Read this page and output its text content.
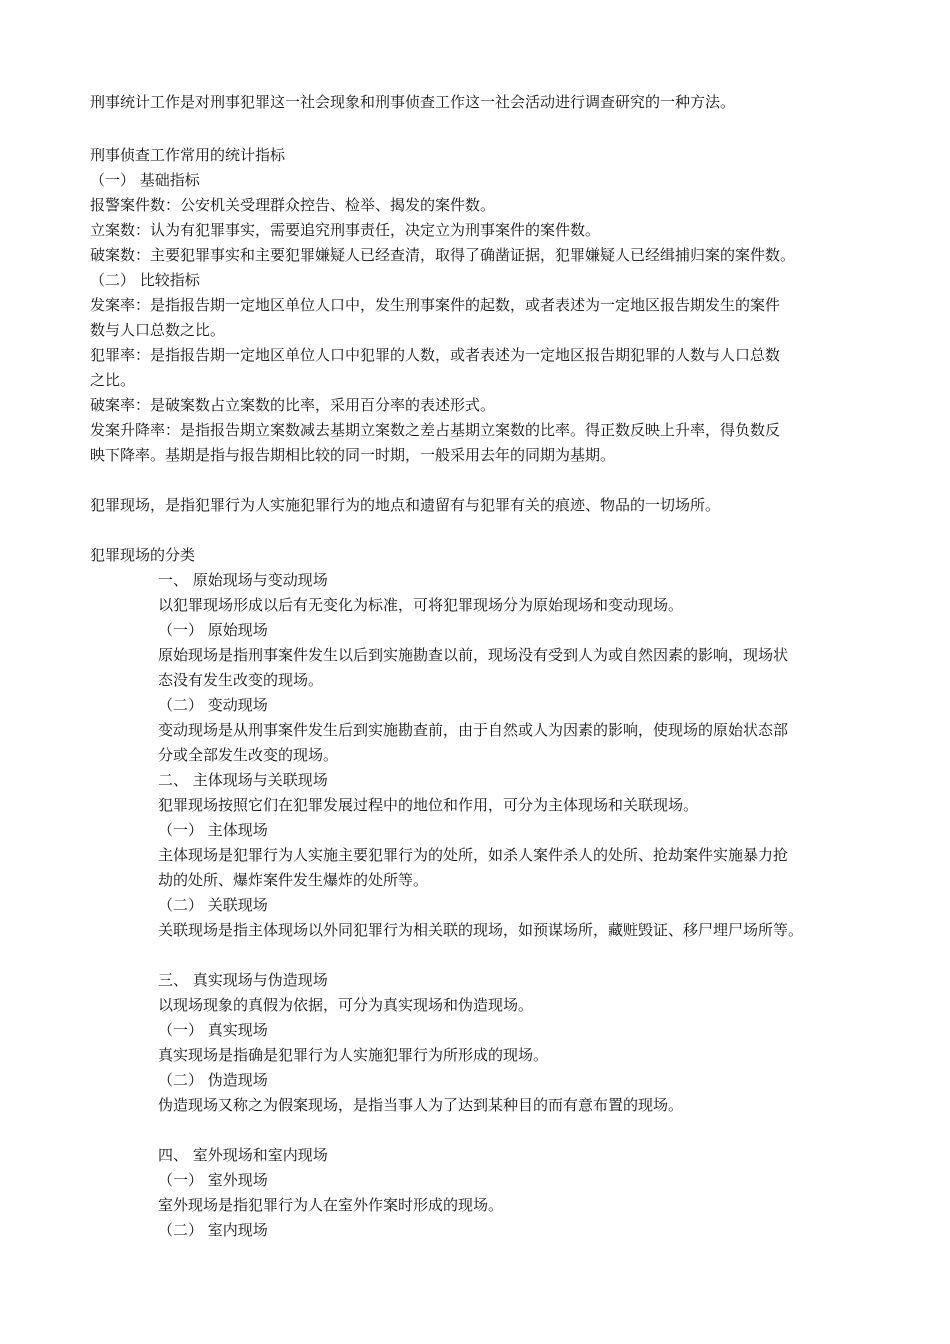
刑事统计工作是对刑事犯罪这一社会现象和刑事侦查工作这一社会活动进行调查研究的一种方法。

刑事侦查工作常用的统计指标

（一） 基础指标

报警案件数：公安机关受理群众控告、检举、揭发的案件数。

立案数：认为有犯罪事实，需要追究刑事责任，决定立为刑事案件的案件数。

破案数：主要犯罪事实和主要犯罪嫌疑人已经查清，取得了确凿证据，犯罪嫌疑人已经缉捕归案的案件数。

（二） 比较指标

发案率：是指报告期一定地区单位人口中，发生刑事案件的起数，或者表述为一定地区报告期发生的案件

数与人口总数之比。

犯罪率：是指报告期一定地区单位人口中犯罪的人数，或者表述为一定地区报告期犯罪的人数与人口总数

之比。

破案率：是破案数占立案数的比率，采用百分率的表述形式。

发案升降率：是指报告期立案数减去基期立案数之差占基期立案数的比率。得正数反映上升率，得负数反

映下降率。基期是指与报告期相比较的同一时期，一般采用去年的同期为基期。

犯罪现场，是指犯罪行为人实施犯罪行为的地点和遗留有与犯罪有关的痕迹、物品的一切场所。

犯罪现场的分类

一、 原始现场与变动现场

以犯罪现场形成以后有无变化为标准，可将犯罪现场分为原始现场和变动现场。

（一） 原始现场

原始现场是指刑事案件发生以后到实施勘查以前，现场没有受到人为或自然因素的影响，现场状

态没有发生改变的现场。

（二） 变动现场

变动现场是从刑事案件发生后到实施勘查前，由于自然或人为因素的影响，使现场的原始状态部

分或全部发生改变的现场。

二、 主体现场与关联现场

犯罪现场按照它们在犯罪发展过程中的地位和作用，可分为主体现场和关联现场。

（一） 主体现场

主体现场是犯罪行为人实施主要犯罪行为的处所，如杀人案件杀人的处所、抢劫案件实施暴力抢

劫的处所、爆炸案件发生爆炸的处所等。

（二） 关联现场

关联现场是指主体现场以外同犯罪行为相关联的现场，如预谋场所，藏赃毁证、移尸埋尸场所等。

三、 真实现场与伪造现场

以现场现象的真假为依据，可分为真实现场和伪造现场。

（一） 真实现场

真实现场是指确是犯罪行为人实施犯罪行为所形成的现场。

（二） 伪造现场

伪造现场又称之为假案现场，是指当事人为了达到某种目的而有意布置的现场。

四、 室外现场和室内现场

（一） 室外现场

室外现场是指犯罪行为人在室外作案时形成的现场。

（二） 室内现场
